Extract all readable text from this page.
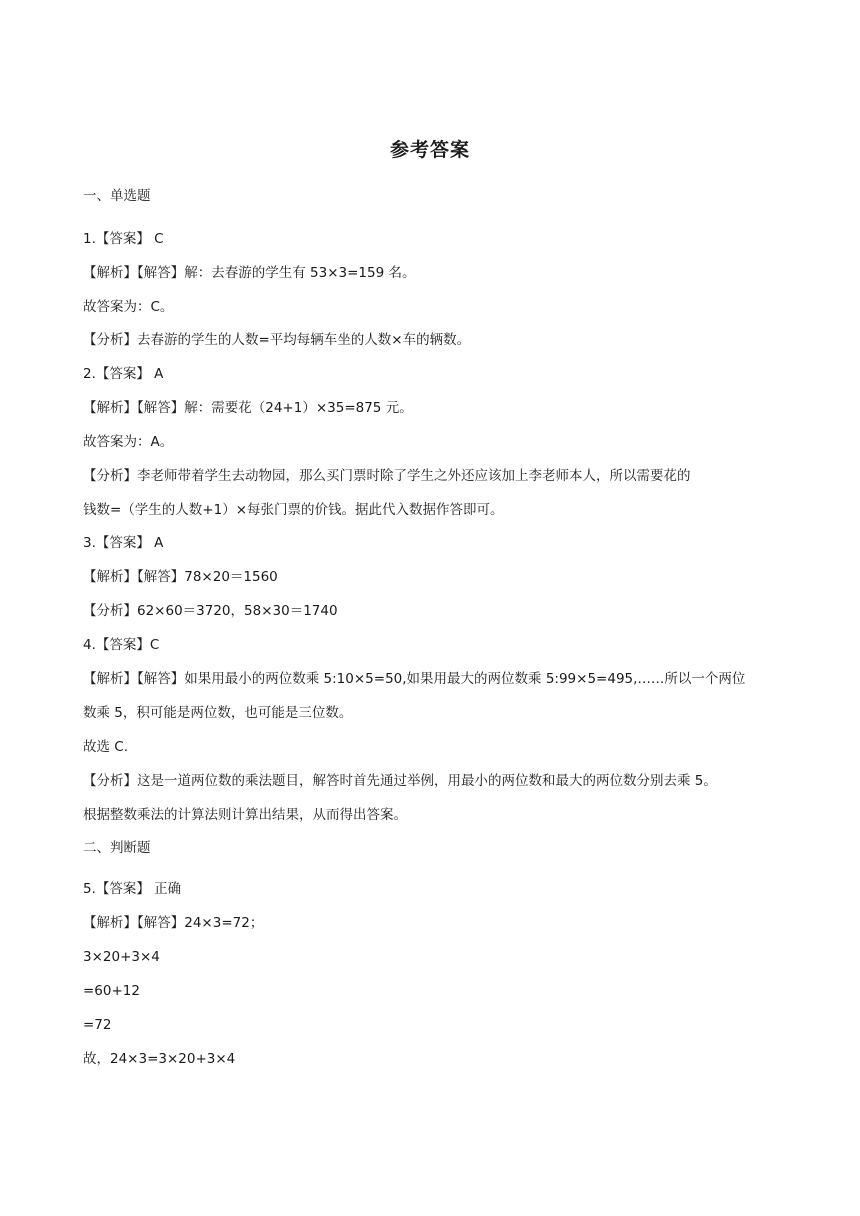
参考答案
一、单选题
1.【答案】 C
【解析】【解答】解：去春游的学生有 53×3=159 名。
故答案为：C。
【分析】去春游的学生的人数=平均每辆车坐的人数×车的辆数。
2.【答案】 A
【解析】【解答】解：需要花（24+1）×35=875 元。
故答案为：A。
【分析】李老师带着学生去动物园，那么买门票时除了学生之外还应该加上李老师本人，所以需要花的
钱数=（学生的人数+1）×每张门票的价钱。据此代入数据作答即可。
3.【答案】 A
【解析】【解答】78×20＝1560
【分析】62×60＝3720，58×30＝1740
4.【答案】C
【解析】【解答】如果用最小的两位数乘 5:10×5=50,如果用最大的两位数乘 5:99×5=495,……所以一个两位
数乘 5，积可能是两位数，也可能是三位数。
故选 C.
【分析】这是一道两位数的乘法题目，解答时首先通过举例，用最小的两位数和最大的两位数分别去乘 5。
根据整数乘法的计算法则计算出结果，从而得出答案。
二、判断题
5.【答案】 正确
【解析】【解答】24×3=72；
3×20+3×4
=60+12
=72
故，24×3=3×20+3×4
